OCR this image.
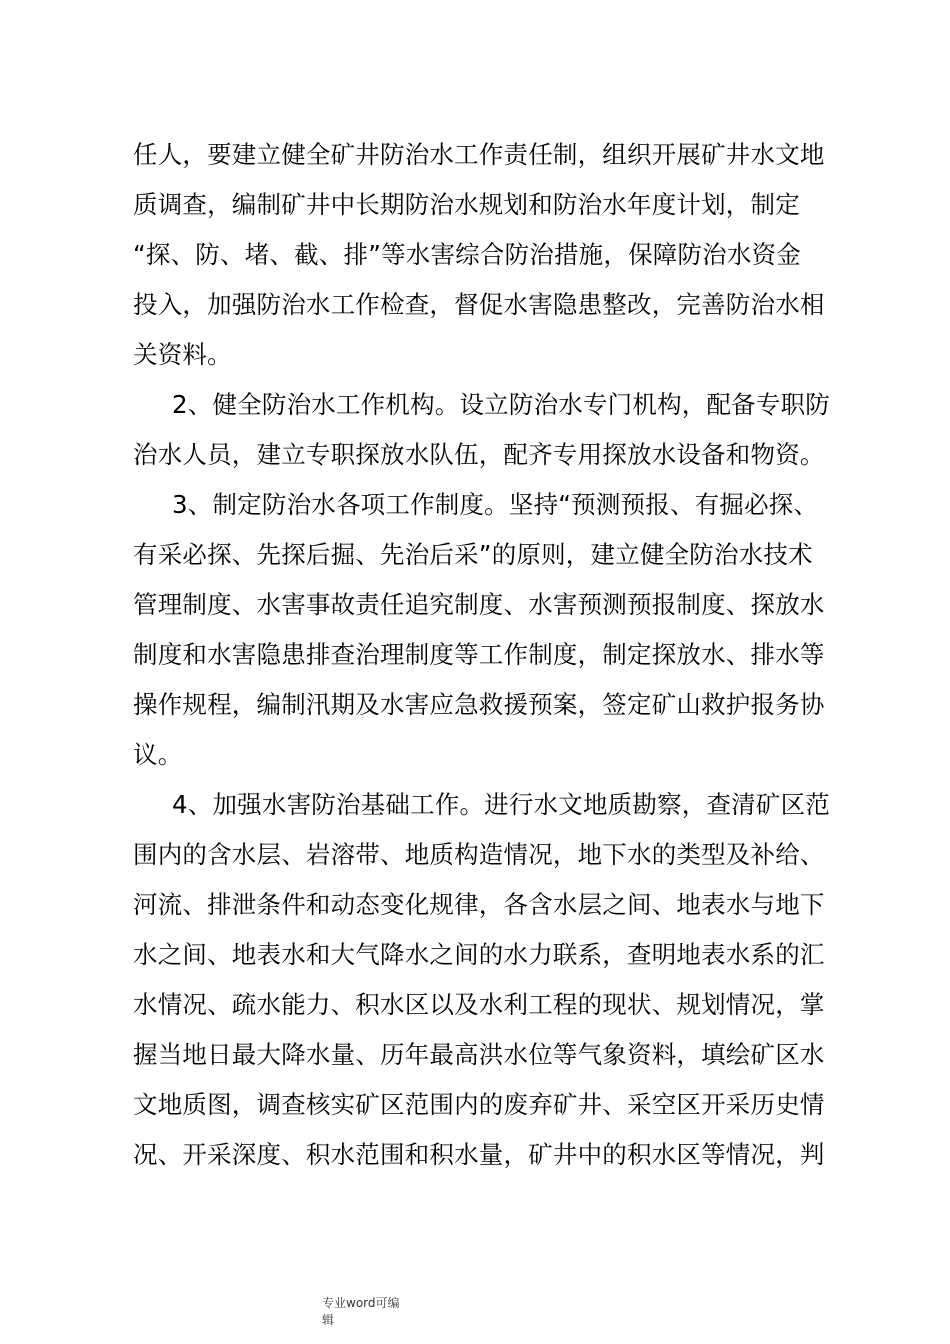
任人，要建立健全矿井防治水工作责任制，组织开展矿井水文地
质调查，编制矿井中长期防治水规划和防治水年度计划，制定
“探、防、堵、截、排”等水害综合防治措施，保障防治水资金
投入，加强防治水工作检查，督促水害隐患整改，完善防治水相
关资料。
2、健全防治水工作机构。设立防治水专门机构，配备专职防
治水人员，建立专职探放水队伍，配齐专用探放水设备和物资。
3、制定防治水各项工作制度。坚持“预测预报、有掘必探、
有采必探、先探后掘、先治后采”的原则，建立健全防治水技术
管理制度、水害事故责任追究制度、水害预测预报制度、探放水
制度和水害隐患排查治理制度等工作制度，制定探放水、排水等
操作规程，编制汛期及水害应急救援预案，签定矿山救护报务协
议。
4、加强水害防治基础工作。进行水文地质勘察，查清矿区范
围内的含水层、岩溶带、地质构造情况，地下水的类型及补给、
河流、排泄条件和动态变化规律，各含水层之间、地表水与地下
水之间、地表水和大气降水之间的水力联系，查明地表水系的汇
水情况、疏水能力、积水区以及水利工程的现状、规划情况，掌
握当地日最大降水量、历年最高洪水位等气象资料，填绘矿区水
文地质图，调查核实矿区范围内的废弃矿井、采空区开采历史情
况、开采深度、积水范围和积水量，矿井中的积水区等情况，判
专业word可编
辑
